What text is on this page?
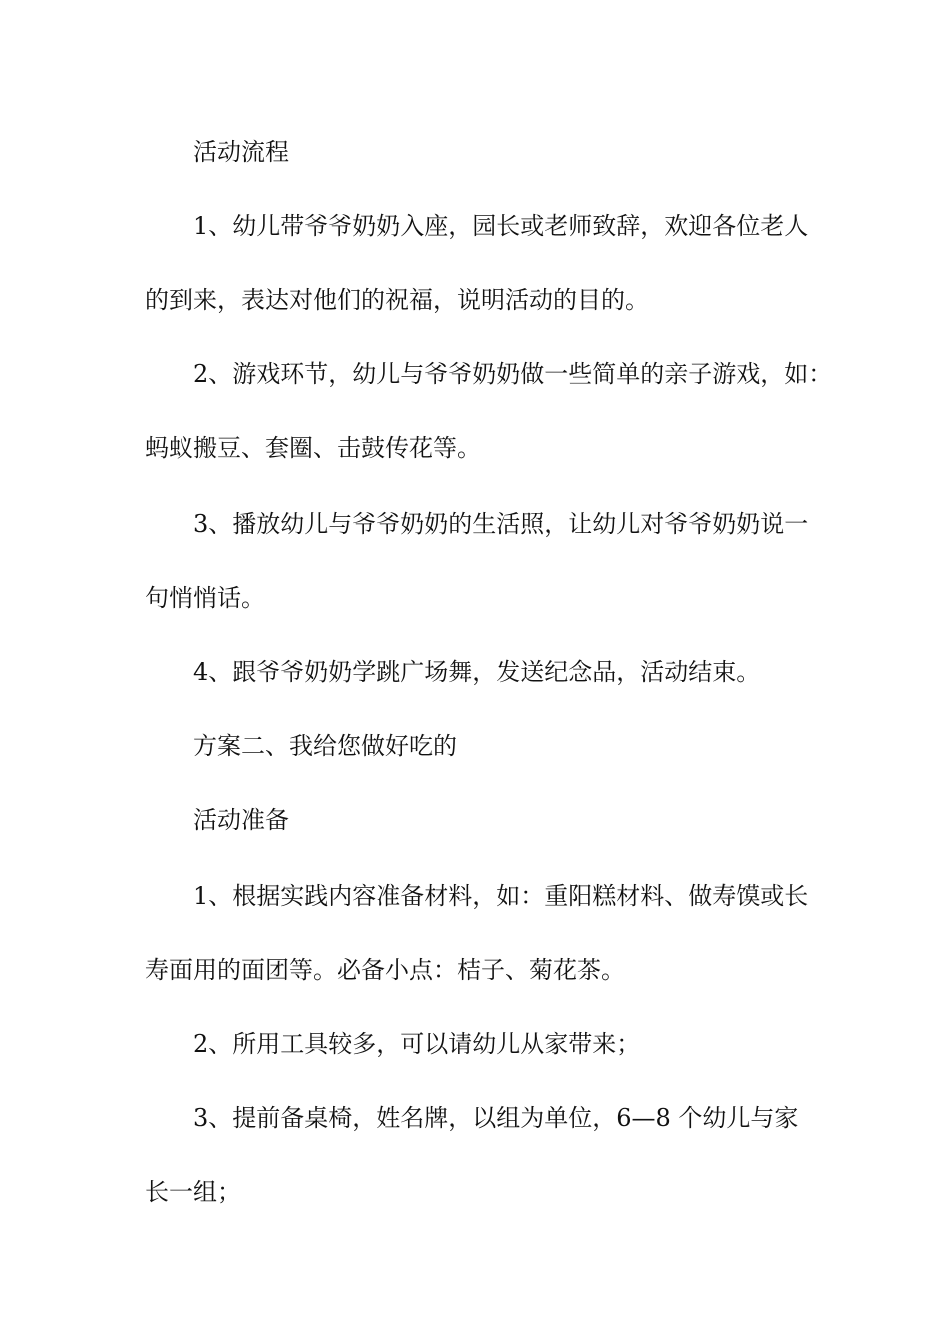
活动流程
1、幼儿带爷爷奶奶入座，园长或老师致辞，欢迎各位老人
的到来，表达对他们的祝福，说明活动的目的。
2、游戏环节，幼儿与爷爷奶奶做一些简单的亲子游戏，如：
蚂蚁搬豆、套圈、击鼓传花等。
3、播放幼儿与爷爷奶奶的生活照，让幼儿对爷爷奶奶说一
句悄悄话。
4、跟爷爷奶奶学跳广场舞，发送纪念品，活动结束。
方案二、我给您做好吃的
活动准备
1、根据实践内容准备材料，如：重阳糕材料、做寿馍或长
寿面用的面团等。必备小点：桔子、菊花茶。
2、所用工具较多，可以请幼儿从家带来；
3、提前备桌椅，姓名牌，以组为单位，6—8 个幼儿与家
长一组；
